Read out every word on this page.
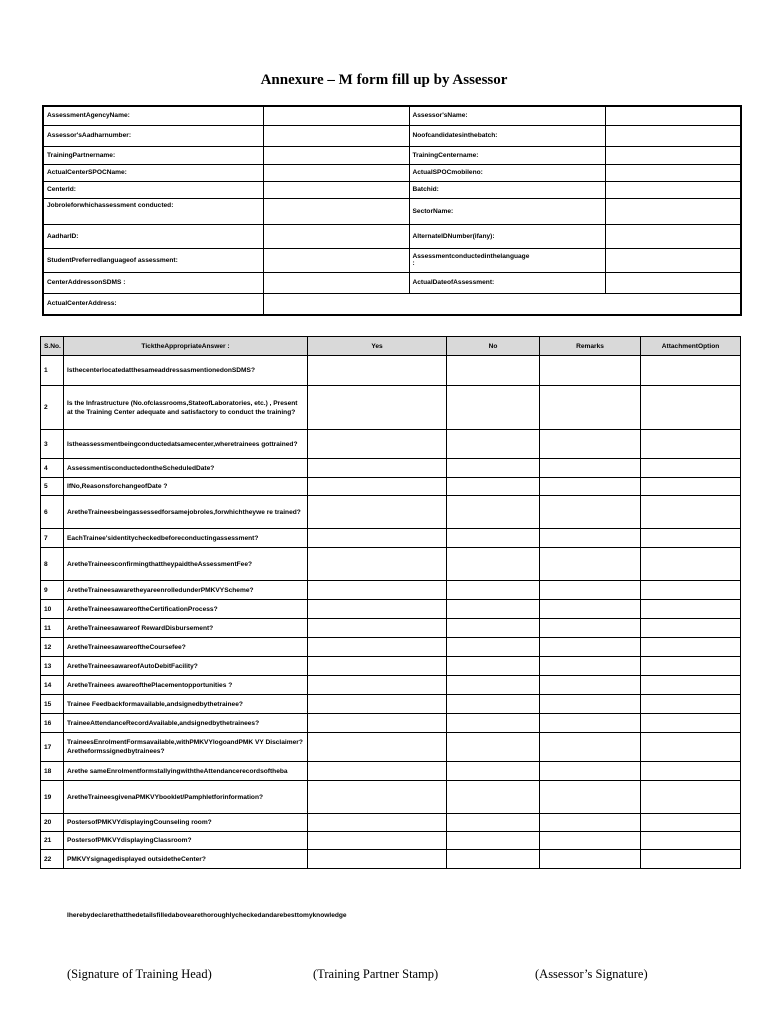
Annexure – M form fill up by Assessor
AssessmentAgencyName:		Assessor'sName:	
Assessor'sAadharnumber:		Noofcandidatesinthebatch:	
TrainingPartnername:		TrainingCentername:	
ActualCenterSPOCName:		ActualSPOCmobileno:	
CenterId:		Batchid:	
Jobroleforwhichassessment conducted:		SectorName:	
AadharID:		AlternateIDNumber(ifany):	
StudentPreferredlanguageof assessment:		Assessmentconductedinthelanguage
:	
CenterAddressonSDMS :		ActualDateofAssessment:	
ActualCenterAddress:			
S.No.	TicktheAppropriateAnswer :	Yes	No	Remarks	AttachmentOption
1	IsthecenterlocatedatthesameaddressasmentionedonSDMS?				
2	Is the Infrastructure (No.ofclassrooms,StateofLaboratories, etc.) , Present at the Training Center adequate and satisfactory to conduct the training?				
3	Istheassessmentbeingconductedatsamecenter,wheretrainees gottrained?				
4	AssessmentisconductedontheScheduledDate?				
5	IfNo,ReasonsforchangeofDate ?				
6	AretheTraineesbeingassessedforsamejobroles,forwhichtheywe re trained?				
7	EachTrainee'sidentitycheckedbeforeconductingassessment?				
8	AretheTraineesconfirmingthattheypaidtheAssessmentFee?				
9	AretheTraineesawaretheyareenrolledunderPMKVYScheme?				
10	AretheTraineesawareoftheCertificationProcess?				
11	AretheTraineesawareof RewardDisbursement?				
12	AretheTraineesawareoftheCoursefee?				
13	AretheTraineesawareofAutoDebitFacility?				
14	AretheTrainees awareofthePlacementopportunities ?				
15	Trainee Feedbackformavailable,andsignedbythetrainee?				
16	TraineeAttendanceRecordAvailable,andsignedbythetrainees?				
17	TraineesEnrolmentFormsavailable,withPMKVYlogoandPMK VY Disclaimer? Aretheformssignedbytrainees?				
18	Arethe sameEnrolmentformstallyingwiththeAttendancerecordsoftheba				
19	AretheTraineesgivenaPMKVYbooklet/Pamphletforinformation?				
20	PostersofPMKVYdisplayingCounseling room?				
21	PostersofPMKVYdisplayingClassroom?				
22	PMKVYsignagedisplayed outsidetheCenter?				
Iherebydeclarethatthedetailsfilledabovearethoroughlycheckedandarebesttomyknowledge
(Signature of Training Head)	(Training Partner Stamp)	(Assessor’s Signature)
